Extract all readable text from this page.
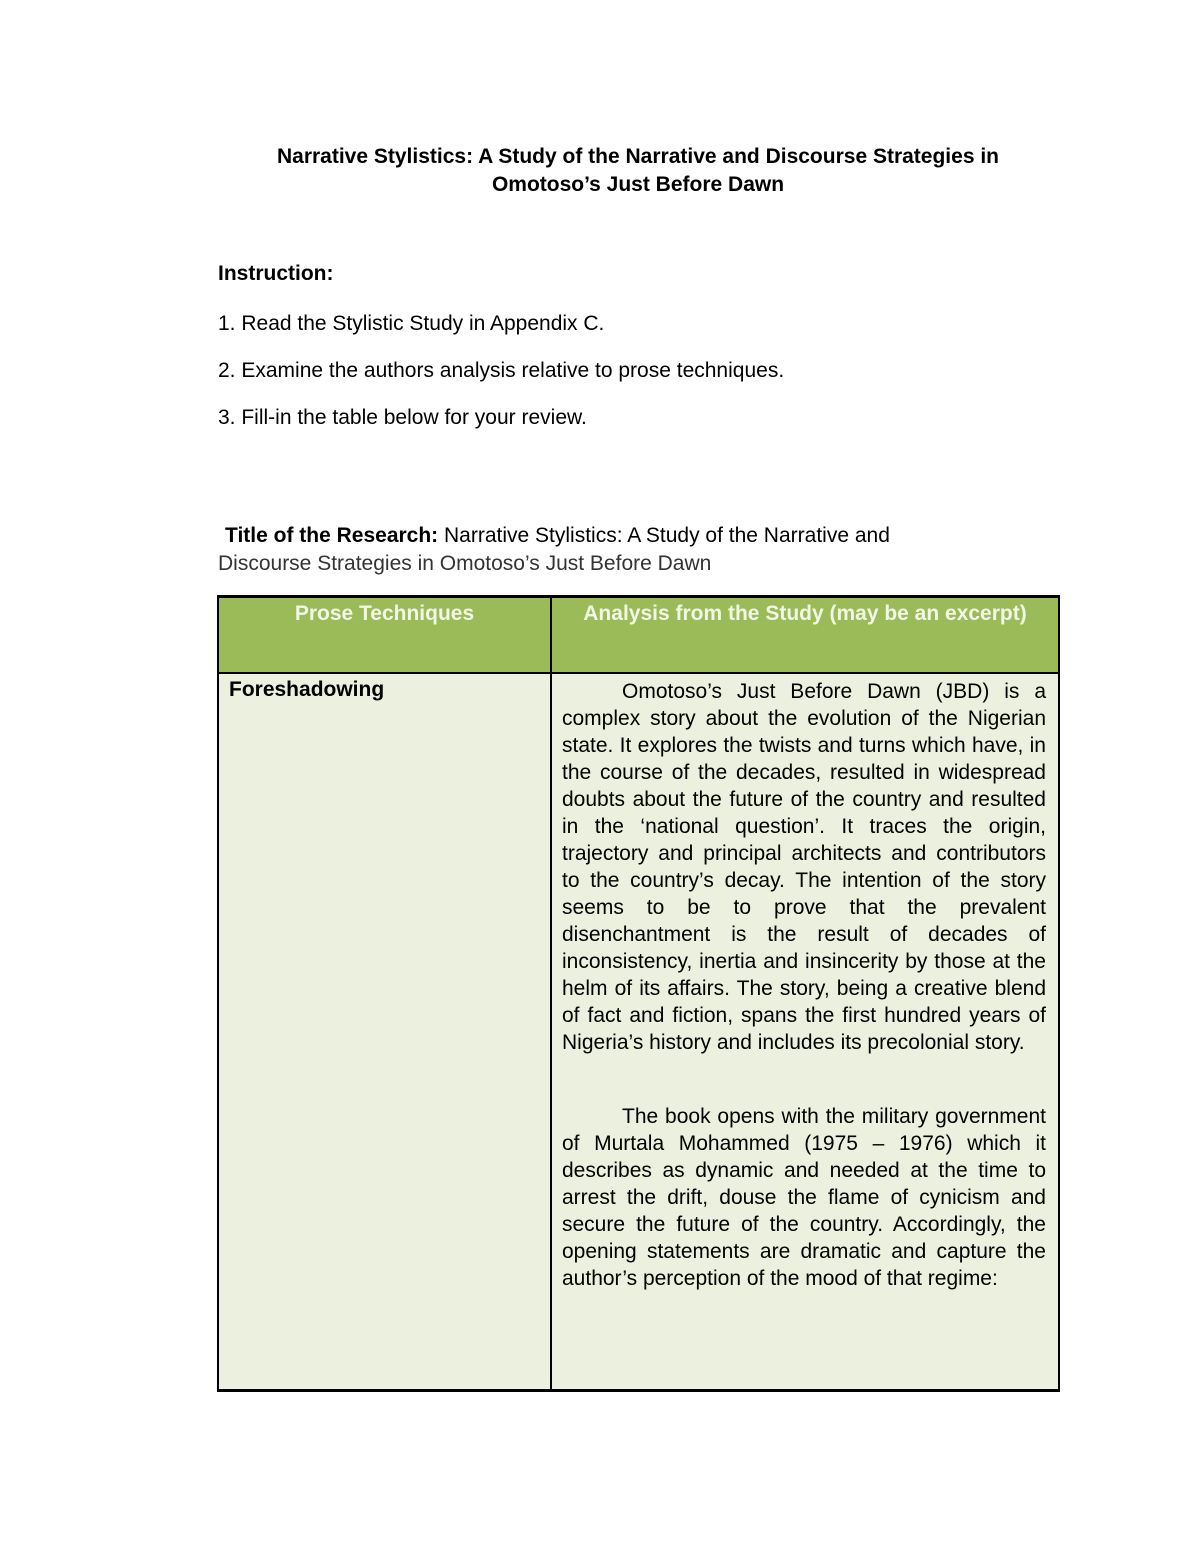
Narrative Stylistics: A Study of the Narrative and Discourse Strategies in
Omotoso’s Just Before Dawn

Instruction:

1. Read the Stylistic Study in Appendix C.
2. Examine the authors analysis relative to prose techniques.
3. Fill-in the table below for your review.

Title of the Research: Narrative Stylistics: A Study of the Narrative and
Discourse Strategies in Omotoso’s Just Before Dawn

Prose Techniques	Analysis from the Study (may be an excerpt)
Foreshadowing	Omotoso’s Just Before Dawn (JBD) is a complex story about the evolution of the Nigerian state. It explores the twists and turns which have, in the course of the decades, resulted in widespread doubts about the future of the country and resulted in the ‘national question’. It traces the origin, trajectory and principal architects and contributors to the country’s decay. The intention of the story seems to be to prove that the prevalent disenchantment is the result of decades of inconsistency, inertia and insincerity by those at the helm of its affairs. The story, being a creative blend of fact and fiction, spans the first hundred years of Nigeria’s history and includes its precolonial story.

The book opens with the military government of Murtala Mohammed (1975 – 1976) which it describes as dynamic and needed at the time to arrest the drift, douse the flame of cynicism and secure the future of the country. Accordingly, the opening statements are dramatic and capture the author’s perception of the mood of that regime:
